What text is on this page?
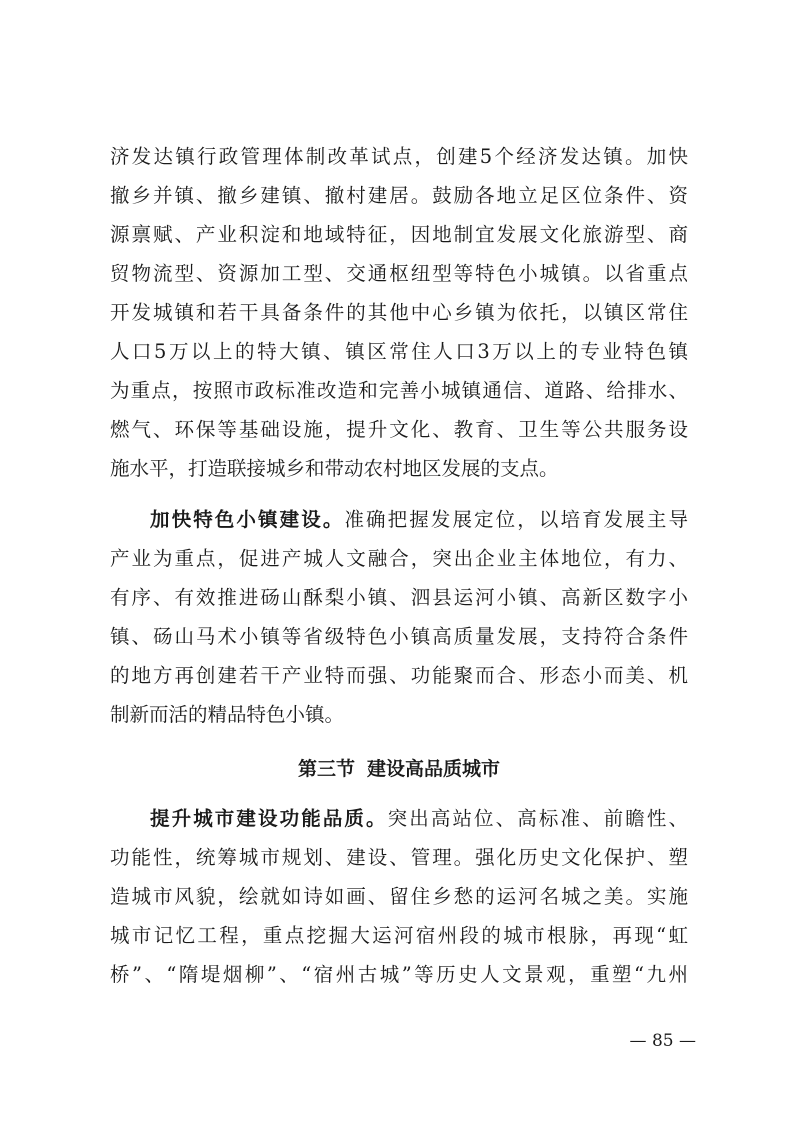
济发达镇行政管理体制改革试点，创建5个经济发达镇。加快
撤乡并镇、撤乡建镇、撤村建居。鼓励各地立足区位条件、资
源禀赋、产业积淀和地域特征，因地制宜发展文化旅游型、商
贸物流型、资源加工型、交通枢纽型等特色小城镇。以省重点
开发城镇和若干具备条件的其他中心乡镇为依托，以镇区常住
人口5万以上的特大镇、镇区常住人口3万以上的专业特色镇
为重点，按照市政标准改造和完善小城镇通信、道路、给排水、
燃气、环保等基础设施，提升文化、教育、卫生等公共服务设
施水平，打造联接城乡和带动农村地区发展的支点。
加快特色小镇建设。准确把握发展定位，以培育发展主导
产业为重点，促进产城人文融合，突出企业主体地位，有力、
有序、有效推进砀山酥梨小镇、泗县运河小镇、高新区数字小
镇、砀山马术小镇等省级特色小镇高质量发展，支持符合条件
的地方再创建若干产业特而强、功能聚而合、形态小而美、机
制新而活的精品特色小镇。
第三节 建设高品质城市
提升城市建设功能品质。突出高站位、高标准、前瞻性、
功能性，统筹城市规划、建设、管理。强化历史文化保护、塑
造城市风貌，绘就如诗如画、留住乡愁的运河名城之美。实施
城市记忆工程，重点挖掘大运河宿州段的城市根脉，再现“虹
桥”、“隋堤烟柳”、“宿州古城”等历史人文景观，重塑“九州
— 85 —
